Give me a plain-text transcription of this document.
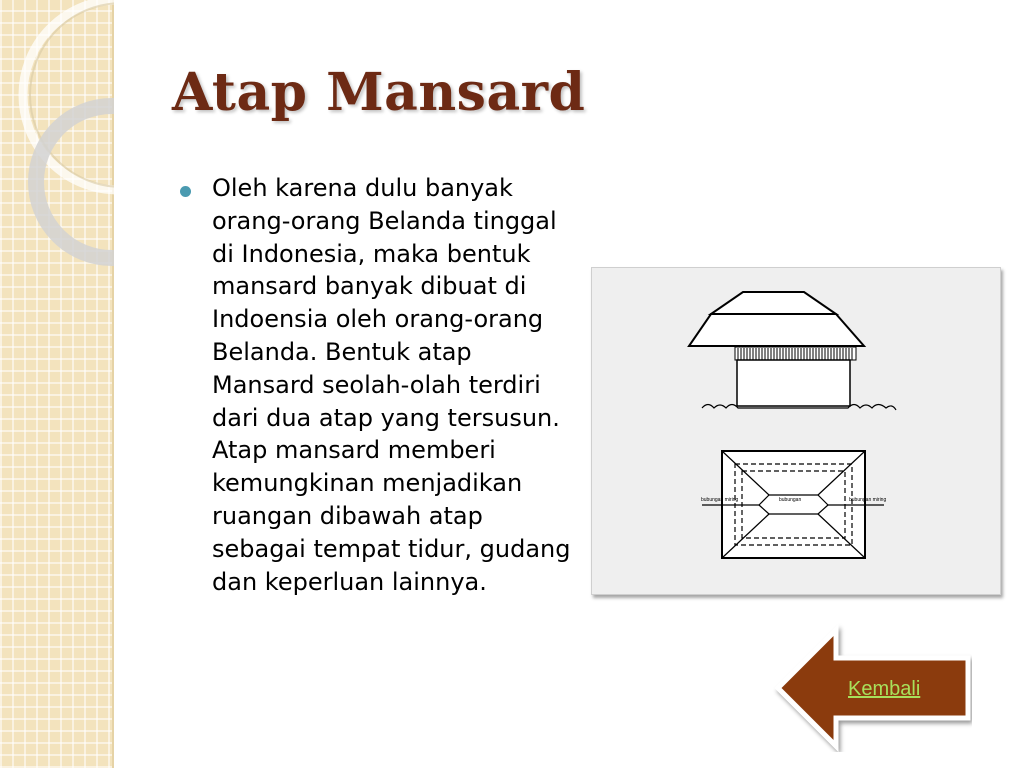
Atap Mansard

Oleh karena dulu banyak orang-orang Belanda tinggal di Indonesia, maka bentuk mansard banyak dibuat di Indoensia oleh orang-orang Belanda. Bentuk atap Mansard seolah-olah terdiri dari dua atap yang tersusun. Atap mansard memberi kemungkinan menjadikan ruangan dibawah atap sebagai tempat tidur, gudang dan keperluan lainnya.

bubungan miring	bubungan	bubungan miring
Kembali
